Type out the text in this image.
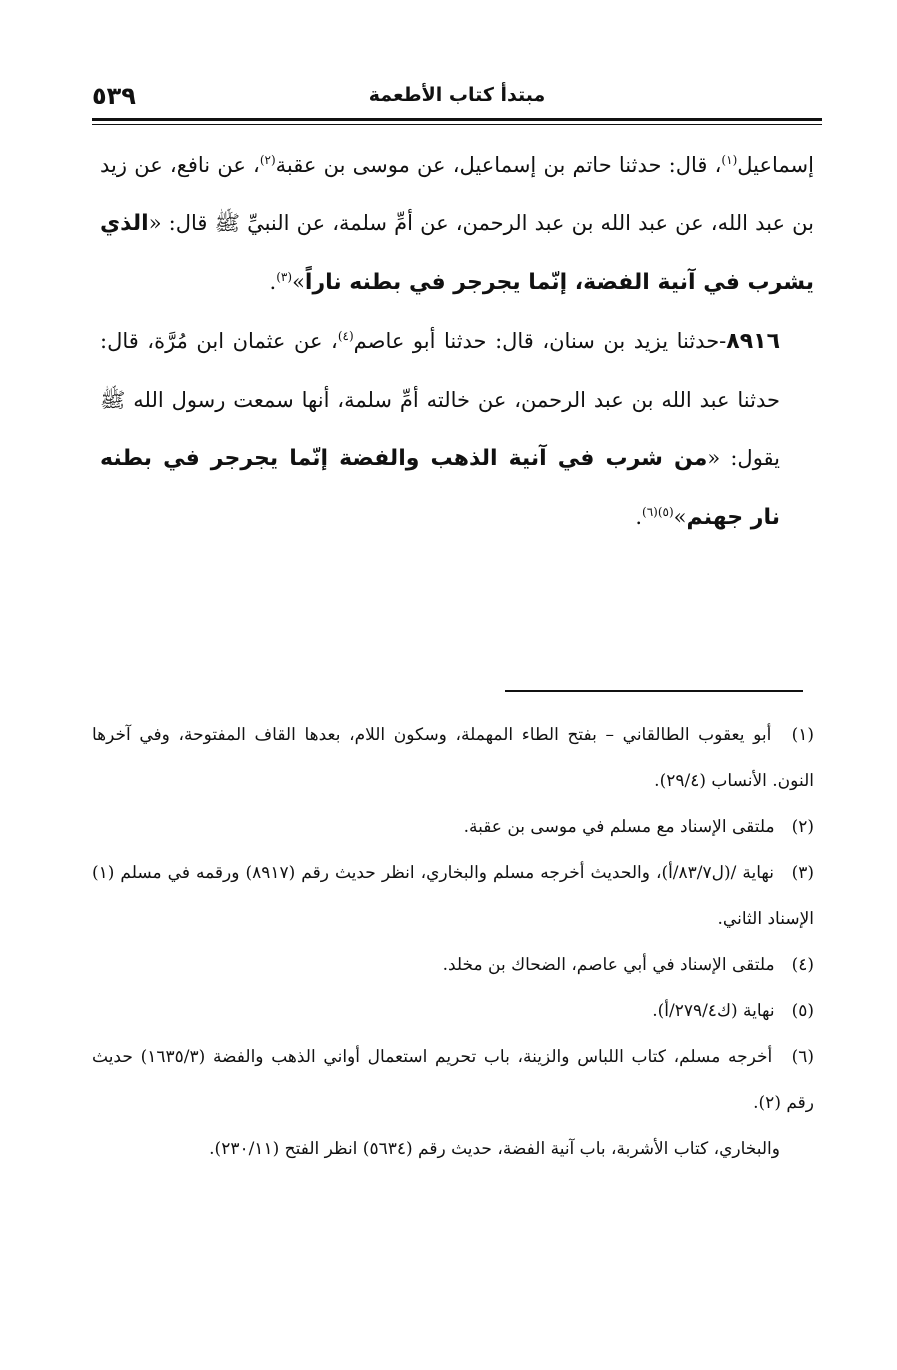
٥٣٩	مبتدأ كتاب الأطعمة

إسماعيل$^{(١)}$، قال: حدثنا حاتم بن إسماعيل، عن موسى بن عقبة$^{(٢)}$، عن نافع، عن زيد بن عبد الله، عن عبد الله بن عبد الرحمن، عن أمِّ سلمة، عن النبيِّ ﷺ قال: «الذي يشرب في آنية الفضة، إنّما يجرجر في بطنه ناراً»$^{(٣)}$.

٨٩١٦-حدثنا يزيد بن سنان، قال: حدثنا أبو عاصم$^{(٤)}$، عن عثمان ابن مُرَّة، قال: حدثنا عبد الله بن عبد الرحمن، عن خالته أمِّ سلمة، أنها سمعت رسول الله ﷺ يقول: «من شرب في آنية الذهب والفضة إنّما يجرجر في بطنه نار جهنم»$^{(٥)(٦)}$.

(١) أبو يعقوب الطالقاني – بفتح الطاء المهملة، وسكون اللام، بعدها القاف المفتوحة، وفي آخرها النون. الأنساب (٢٩/٤).

(٢) ملتقى الإسناد مع مسلم في موسى بن عقبة.

(٣) نهاية /(ل٨٣/٧/أ)، والحديث أخرجه مسلم والبخاري، انظر حديث رقم (٨٩١٧) ورقمه في مسلم (١) الإسناد الثاني.

(٤) ملتقى الإسناد في أبي عاصم، الضحاك بن مخلد.

(٥) نهاية (ك٢٧٩/٤/أ).

(٦) أخرجه مسلم، كتاب اللباس والزينة، باب تحريم استعمال أواني الذهب والفضة (١٦٣٥/٣) حديث رقم (٢).

والبخاري، كتاب الأشربة، باب آنية الفضة، حديث رقم (٥٦٣٤) انظر الفتح (٢٣٠/١١).
